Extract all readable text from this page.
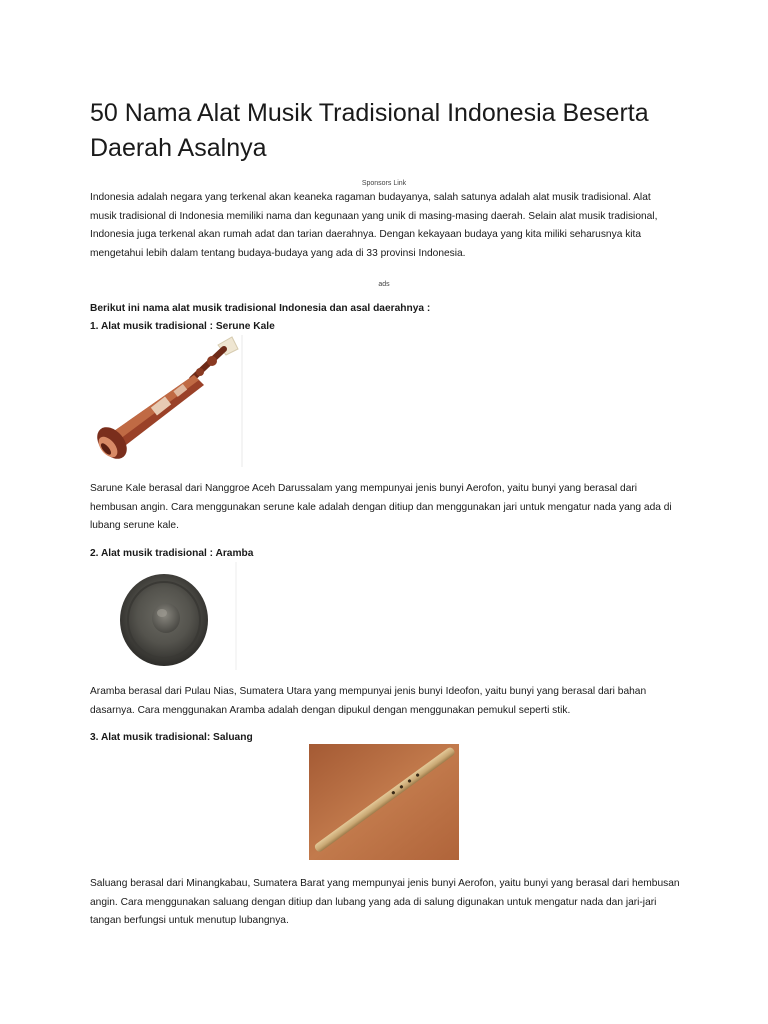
50 Nama Alat Musik Tradisional Indonesia Beserta Daerah Asalnya
Sponsors Link

Indonesia adalah negara yang terkenal akan keaneka ragaman budayanya, salah satunya adalah alat musik tradisional. Alat musik tradisional di Indonesia memiliki nama dan kegunaan yang unik di masing-masing daerah. Selain alat musik tradisional, Indonesia juga terkenal akan rumah adat dan tarian daerahnya. Dengan kekayaan budaya yang kita miliki seharusnya kita mengetahui lebih dalam tentang budaya-budaya yang ada di 33 provinsi Indonesia.

ads

Berikut ini nama alat musik tradisional Indonesia dan asal daerahnya :

1. Alat musik tradisional : Serune Kale

Sarune Kale berasal dari Nanggroe Aceh Darussalam yang mempunyai jenis bunyi Aerofon, yaitu bunyi yang berasal dari hembusan angin. Cara menggunakan serune kale adalah dengan ditiup dan menggunakan jari untuk mengatur nada yang ada di lubang serune kale.

2. Alat musik tradisional : Aramba

Aramba berasal dari Pulau Nias, Sumatera Utara yang mempunyai jenis bunyi Ideofon, yaitu bunyi yang berasal dari bahan dasarnya. Cara menggunakan Aramba adalah dengan dipukul dengan menggunakan pemukul seperti stik.

3. Alat musik tradisional: Saluang

Saluang berasal dari Minangkabau, Sumatera Barat yang mempunyai jenis bunyi Aerofon, yaitu bunyi yang berasal dari hembusan angin. Cara menggunakan saluang dengan ditiup dan lubang yang ada di salung digunakan untuk mengatur nada dan jari-jari tangan berfungsi untuk menutup lubangnya.
